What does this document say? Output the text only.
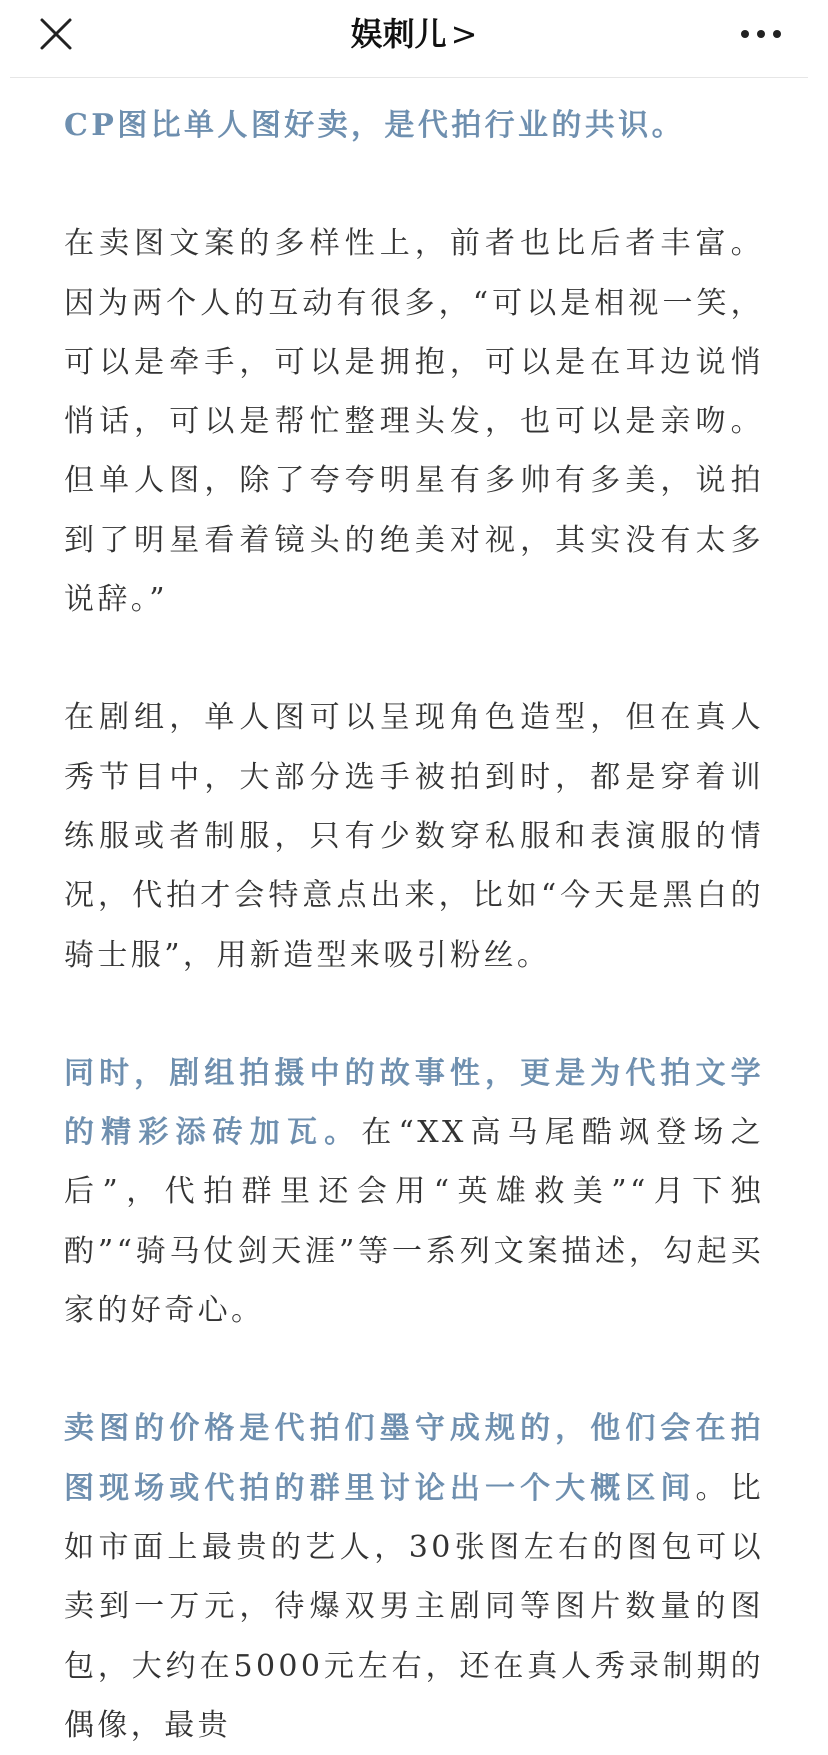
娱刺儿 >

CP图比单人图好卖，是代拍行业的共识。

在卖图文案的多样性上，前者也比后者丰富。因为两个人的互动有很多，“可以是相视一笑，可以是牵手，可以是拥抱，可以是在耳边说悄悄话，可以是帮忙整理头发，也可以是亲吻。但单人图，除了夸夸明星有多帅有多美，说拍到了明星看着镜头的绝美对视，其实没有太多说辞。”

在剧组，单人图可以呈现角色造型，但在真人秀节目中，大部分选手被拍到时，都是穿着训练服或者制服，只有少数穿私服和表演服的情况，代拍才会特意点出来，比如“今天是黑白的骑士服”，用新造型来吸引粉丝。

同时，剧组拍摄中的故事性，更是为代拍文学的精彩添砖加瓦。在“XX高马尾酷飒登场之后”，代拍群里还会用“英雄救美”“月下独酌”“骑马仗剑天涯”等一系列文案描述，勾起买家的好奇心。

卖图的价格是代拍们墨守成规的，他们会在拍图现场或代拍的群里讨论出一个大概区间。比如市面上最贵的艺人，30张图左右的图包可以卖到一万元，待爆双男主剧同等图片数量的图包，大约在5000元左右，还在真人秀录制期的偶像，最贵
